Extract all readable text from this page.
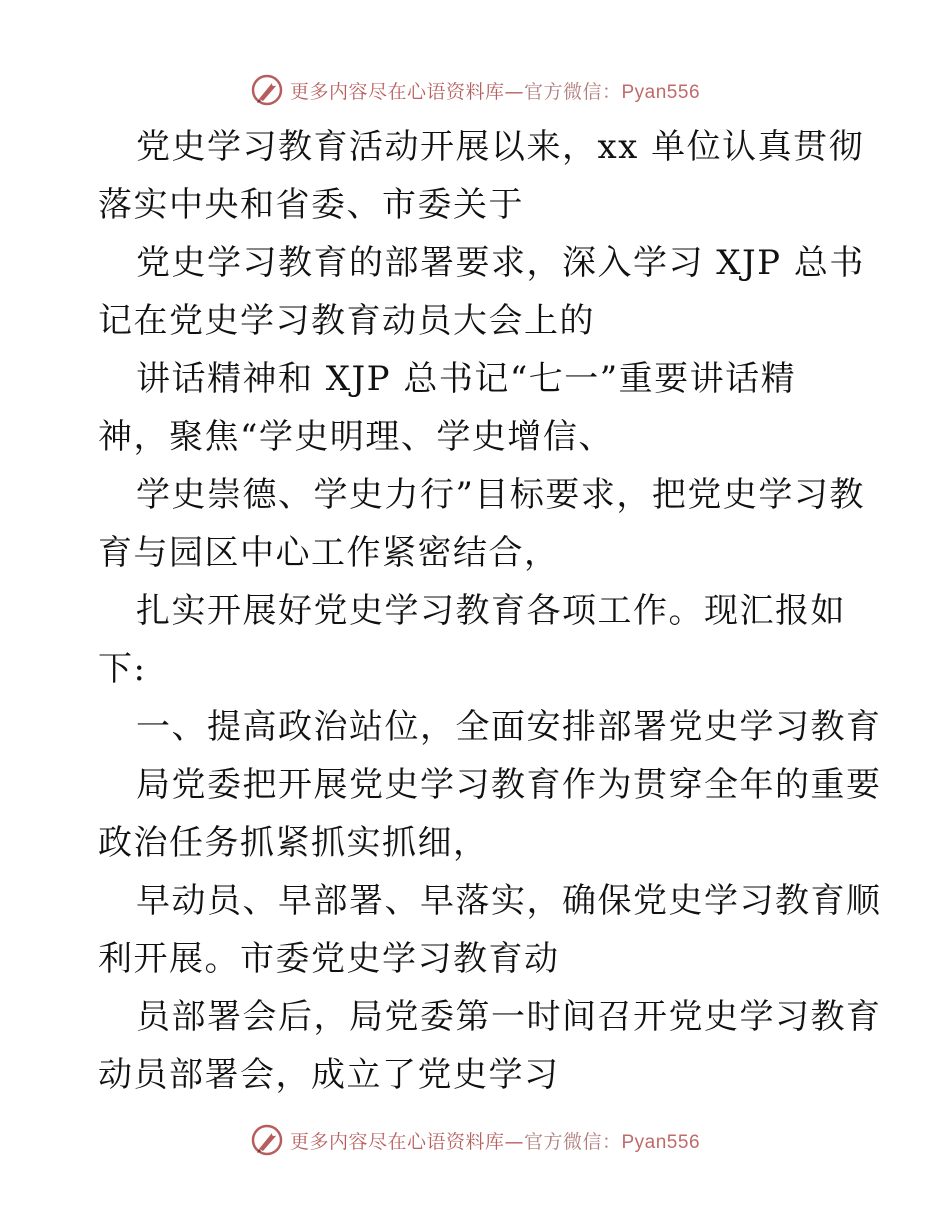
更多内容尽在心语资料库—官方微信：Pyan556
党史学习教育活动开展以来，xx 单位认真贯彻
落实中央和省委、市委关于
党史学习教育的部署要求，深入学习 XJP 总书
记在党史学习教育动员大会上的
讲话精神和 XJP 总书记“七一”重要讲话精
神，聚焦“学史明理、学史增信、
学史崇德、学史力行”目标要求，把党史学习教
育与园区中心工作紧密结合，
扎实开展好党史学习教育各项工作。现汇报如
下:
一、提高政治站位，全面安排部署党史学习教育
局党委把开展党史学习教育作为贯穿全年的重要
政治任务抓紧抓实抓细，
早动员、早部署、早落实，确保党史学习教育顺
利开展。市委党史学习教育动
员部署会后，局党委第一时间召开党史学习教育
动员部署会，成立了党史学习
更多内容尽在心语资料库—官方微信：Pyan556
